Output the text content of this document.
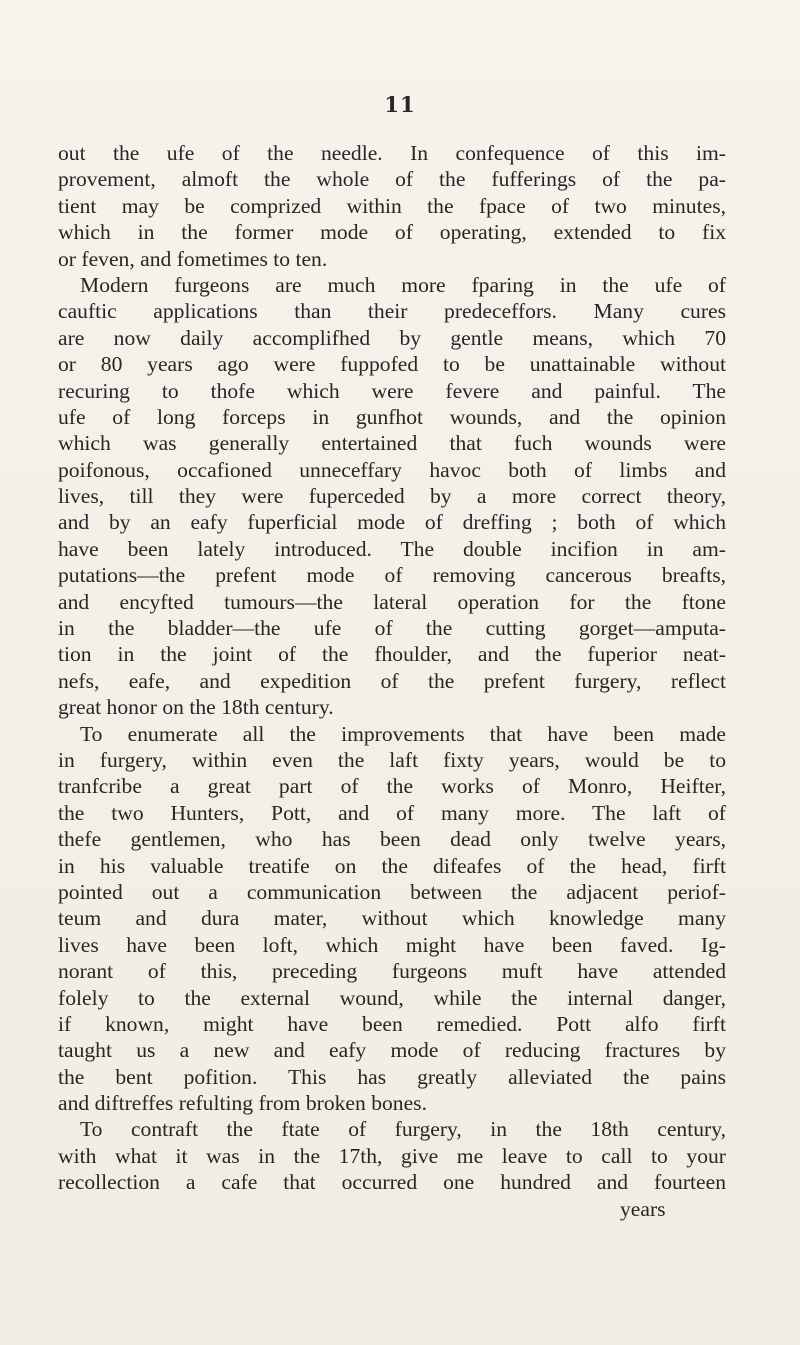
11
out the ufe of the needle. In confequence of this im-
provement, almoft the whole of the fufferings of the pa-
tient may be comprized within the fpace of two minutes,
which in the former mode of operating, extended to fix
or feven, and fometimes to ten.
Modern furgeons are much more fparing in the ufe of
cauftic applications than their predeceffors. Many cures
are now daily accomplifhed by gentle means, which 70
or 80 years ago were fuppofed to be unattainable without
recuring to thofe which were fevere and painful. The
ufe of long forceps in gunfhot wounds, and the opinion
which was generally entertained that fuch wounds were
poifonous, occafioned unneceffary havoc both of limbs and
lives, till they were fuperceded by a more correct theory,
and by an eafy fuperficial mode of dreffing ; both of which
have been lately introduced. The double incifion in am-
putations—the prefent mode of removing cancerous breafts,
and encyfted tumours—the lateral operation for the ftone
in the bladder—the ufe of the cutting gorget—amputa-
tion in the joint of the fhoulder, and the fuperior neat-
nefs, eafe, and expedition of the prefent furgery, reflect
great honor on the 18th century.
To enumerate all the improvements that have been made
in furgery, within even the laft fixty years, would be to
tranfcribe a great part of the works of Monro, Heifter,
the two Hunters, Pott, and of many more. The laft of
thefe gentlemen, who has been dead only twelve years,
in his valuable treatife on the difeafes of the head, firft
pointed out a communication between the adjacent periof-
teum and dura mater, without which knowledge many
lives have been loft, which might have been faved. Ig-
norant of this, preceding furgeons muft have attended
folely to the external wound, while the internal danger,
if known, might have been remedied. Pott alfo firft
taught us a new and eafy mode of reducing fractures by
the bent pofition. This has greatly alleviated the pains
and diftreffes refulting from broken bones.
To contraft the ftate of furgery, in the 18th century,
with what it was in the 17th, give me leave to call to your
recollection a cafe that occurred one hundred and fourteen
years
